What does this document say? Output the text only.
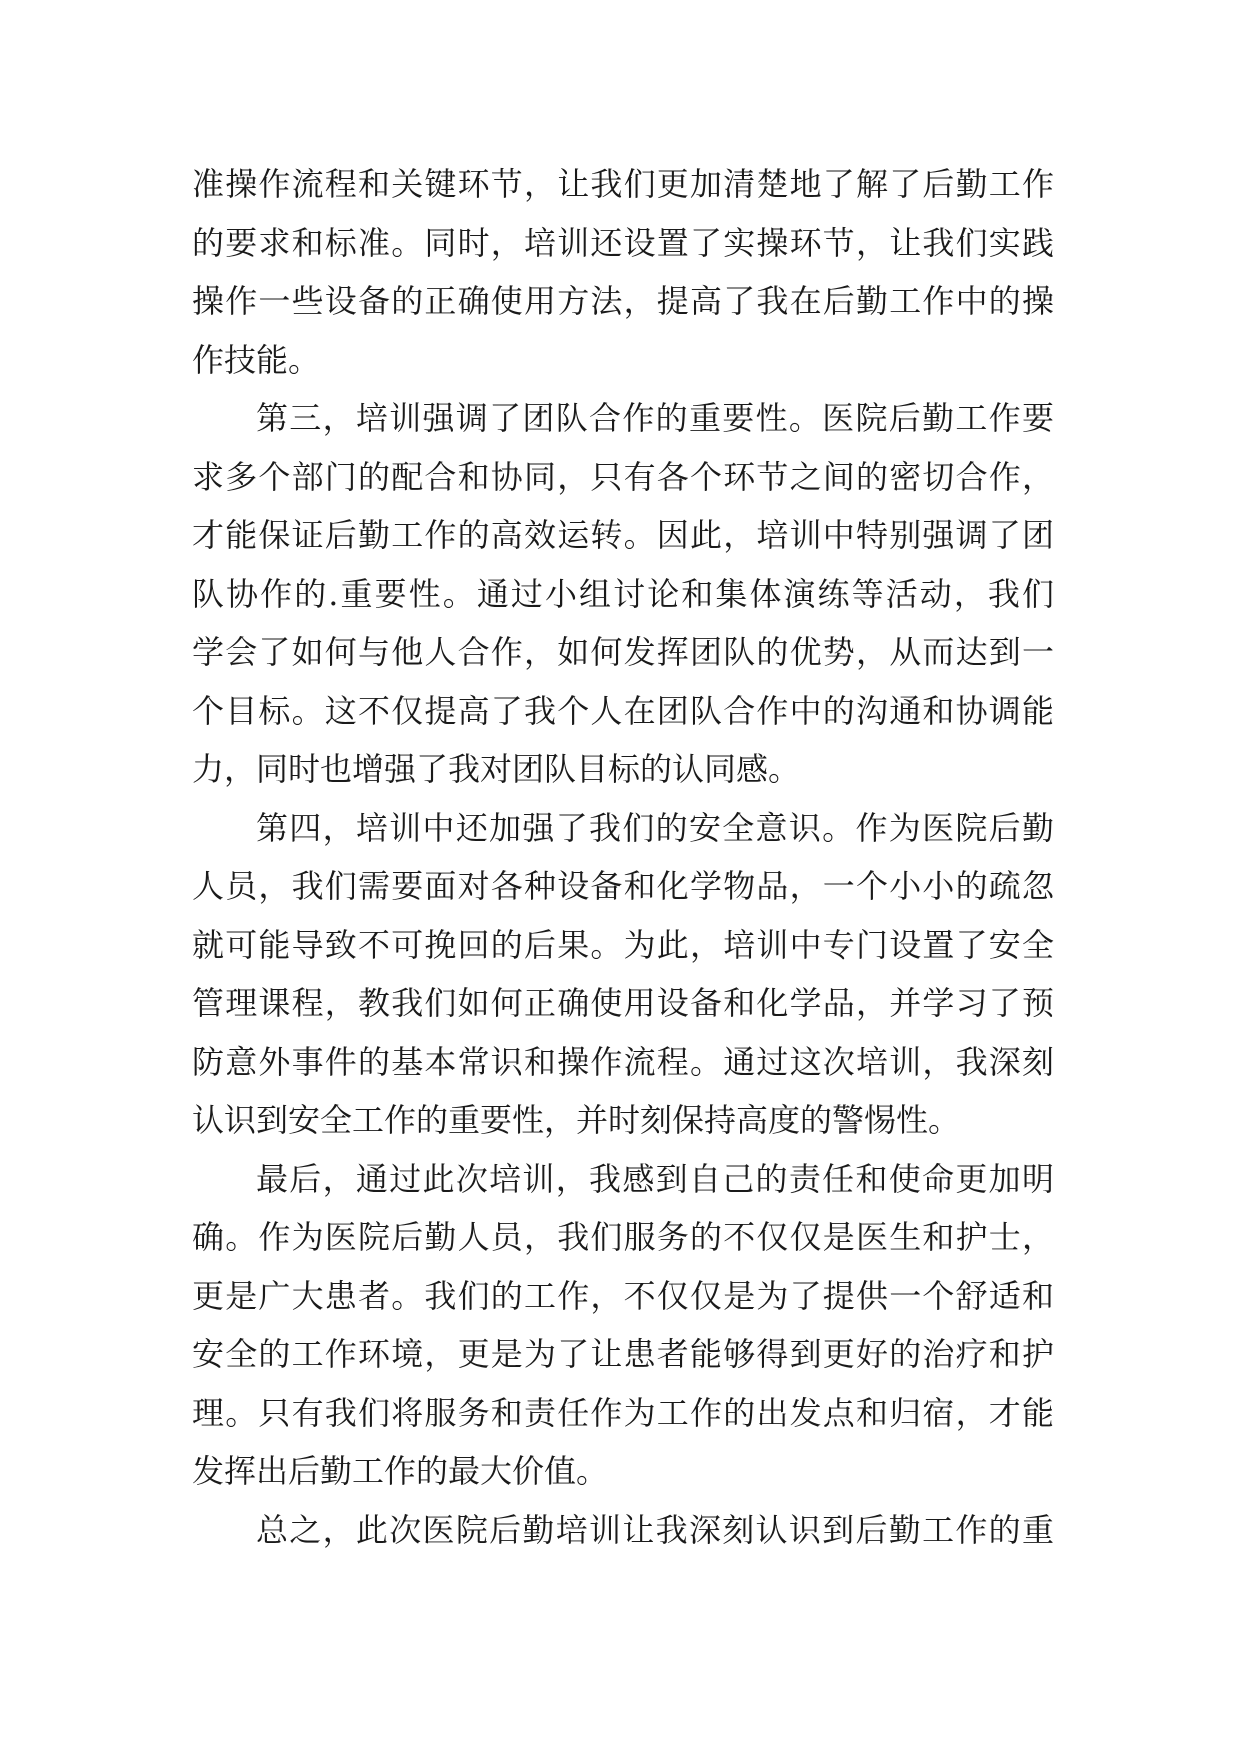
准操作流程和关键环节，让我们更加清楚地了解了后勤工作
的要求和标准。同时，培训还设置了实操环节，让我们实践
操作一些设备的正确使用方法，提高了我在后勤工作中的操
作技能。
第三，培训强调了团队合作的重要性。医院后勤工作要
求多个部门的配合和协同，只有各个环节之间的密切合作，
才能保证后勤工作的高效运转。因此，培训中特别强调了团
队协作的.重要性。通过小组讨论和集体演练等活动，我们
学会了如何与他人合作，如何发挥团队的优势，从而达到一
个目标。这不仅提高了我个人在团队合作中的沟通和协调能
力，同时也增强了我对团队目标的认同感。
第四，培训中还加强了我们的安全意识。作为医院后勤
人员，我们需要面对各种设备和化学物品，一个小小的疏忽
就可能导致不可挽回的后果。为此，培训中专门设置了安全
管理课程，教我们如何正确使用设备和化学品，并学习了预
防意外事件的基本常识和操作流程。通过这次培训，我深刻
认识到安全工作的重要性，并时刻保持高度的警惕性。
最后，通过此次培训，我感到自己的责任和使命更加明
确。作为医院后勤人员，我们服务的不仅仅是医生和护士，
更是广大患者。我们的工作，不仅仅是为了提供一个舒适和
安全的工作环境，更是为了让患者能够得到更好的治疗和护
理。只有我们将服务和责任作为工作的出发点和归宿，才能
发挥出后勤工作的最大价值。
总之，此次医院后勤培训让我深刻认识到后勤工作的重
